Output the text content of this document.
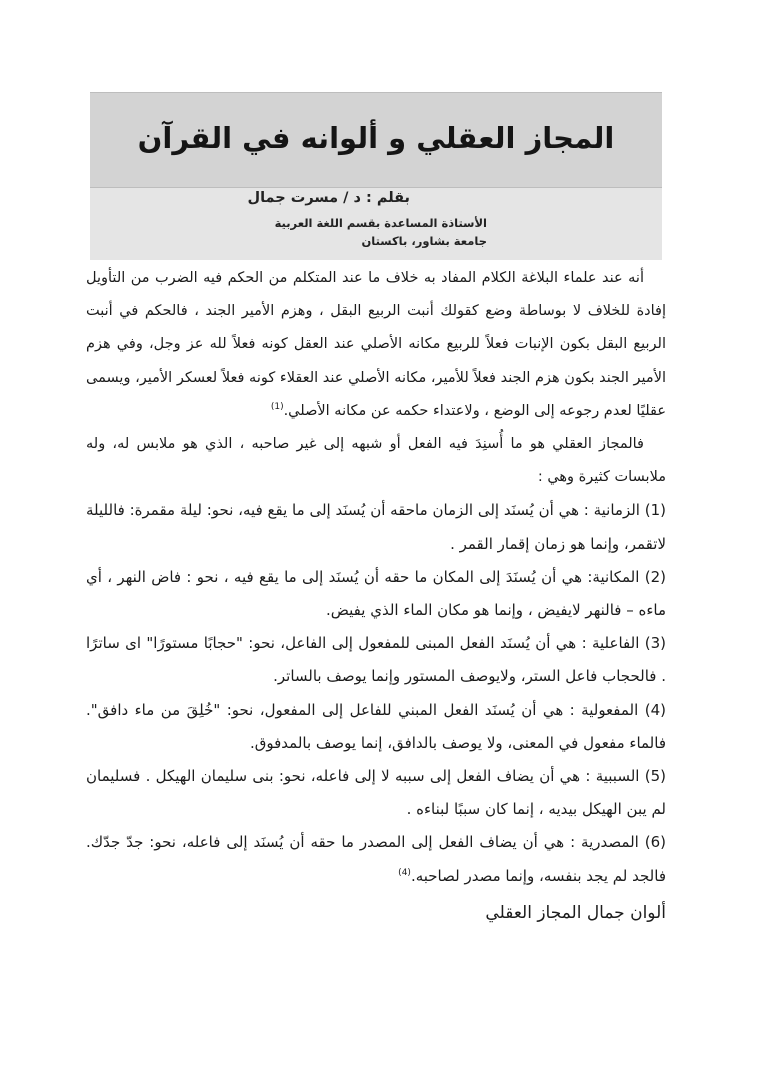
المجاز العقلي و ألوانه في القرآن
بقلم : د / مسرت جمال
الأستاذة المساعدة بقسم اللغة العربية
جامعة بشاور، باكستان

أنه عند علماء البلاغة الكلام المفاد به خلاف ما عند المتكلم من الحكم فيه الضرب من التأويل إفادة للخلاف لا بوساطة وضع كقولك أنبت الربيع البقل ، وهزم الأمير الجند ، فالحكم في أنبت الربيع البقل بكون الإنبات فعلاً للربيع مكانه الأصلي عند العقل كونه فعلاً لله عز وجل، وفي هزم الأمير الجند بكون هزم الجند فعلاً للأمير، مكانه الأصلي عند العقلاء كونه فعلاً لعسكر الأمير، ويسمى عقليًا لعدم رجوعه إلى الوضع ، ولاعتداء حكمه عن مكانه الأصلي.$^{(1)}$

فالمجاز العقلي هو ما أُسنِدَ فيه الفعل أو شبهه إلى غير صاحبه ، الذي هو ملابس له، وله ملابسات كثيرة وهي :

(1) الزمانية : هي أن يُسنَد إلى الزمان ماحقه أن يُسنَد إلى ما يقع فيه، نحو: ليلة مقمرة: فالليلة لاتقمر، وإنما هو زمان إقمار القمر .

(2) المكانية: هي أن يُسنَدَ إلى المكان ما حقه أن يُسنَد إلى ما يقع فيه ، نحو : فاض النهر ، أي ماءه – فالنهر لايفيض ، وإنما هو مكان الماء الذي يفيض.

(3) الفاعلية : هي أن يُسنَد الفعل المبنى للمفعول إلى الفاعل، نحو: "حجابًا مستورًا" اى ساترًا . فالحجاب فاعل الستر، ولايوصف المستور وإنما يوصف بالساتر.

(4) المفعولية : هي أن يُسنَد الفعل المبني للفاعل إلى المفعول، نحو: "خُلِقَ من ماء دافق". فالماء مفعول في المعنى، ولا يوصف بالدافق، إنما يوصف بالمدفوق.

(5) السببية : هي أن يضاف الفعل إلى سببه لا إلى فاعله، نحو: بنى سليمان الهيكل . فسليمان لم يبن الهيكل بيديه ، إنما كان سببًا لبناءه .

(6) المصدرية : هي أن يضاف الفعل إلى المصدر ما حقه أن يُسنَد إلى فاعله، نحو: جدّ جدّك. فالجد لم يجد بنفسه، وإنما مصدر لصاحبه.$^{(4)}$

ألوان جمال المجاز العقلي
